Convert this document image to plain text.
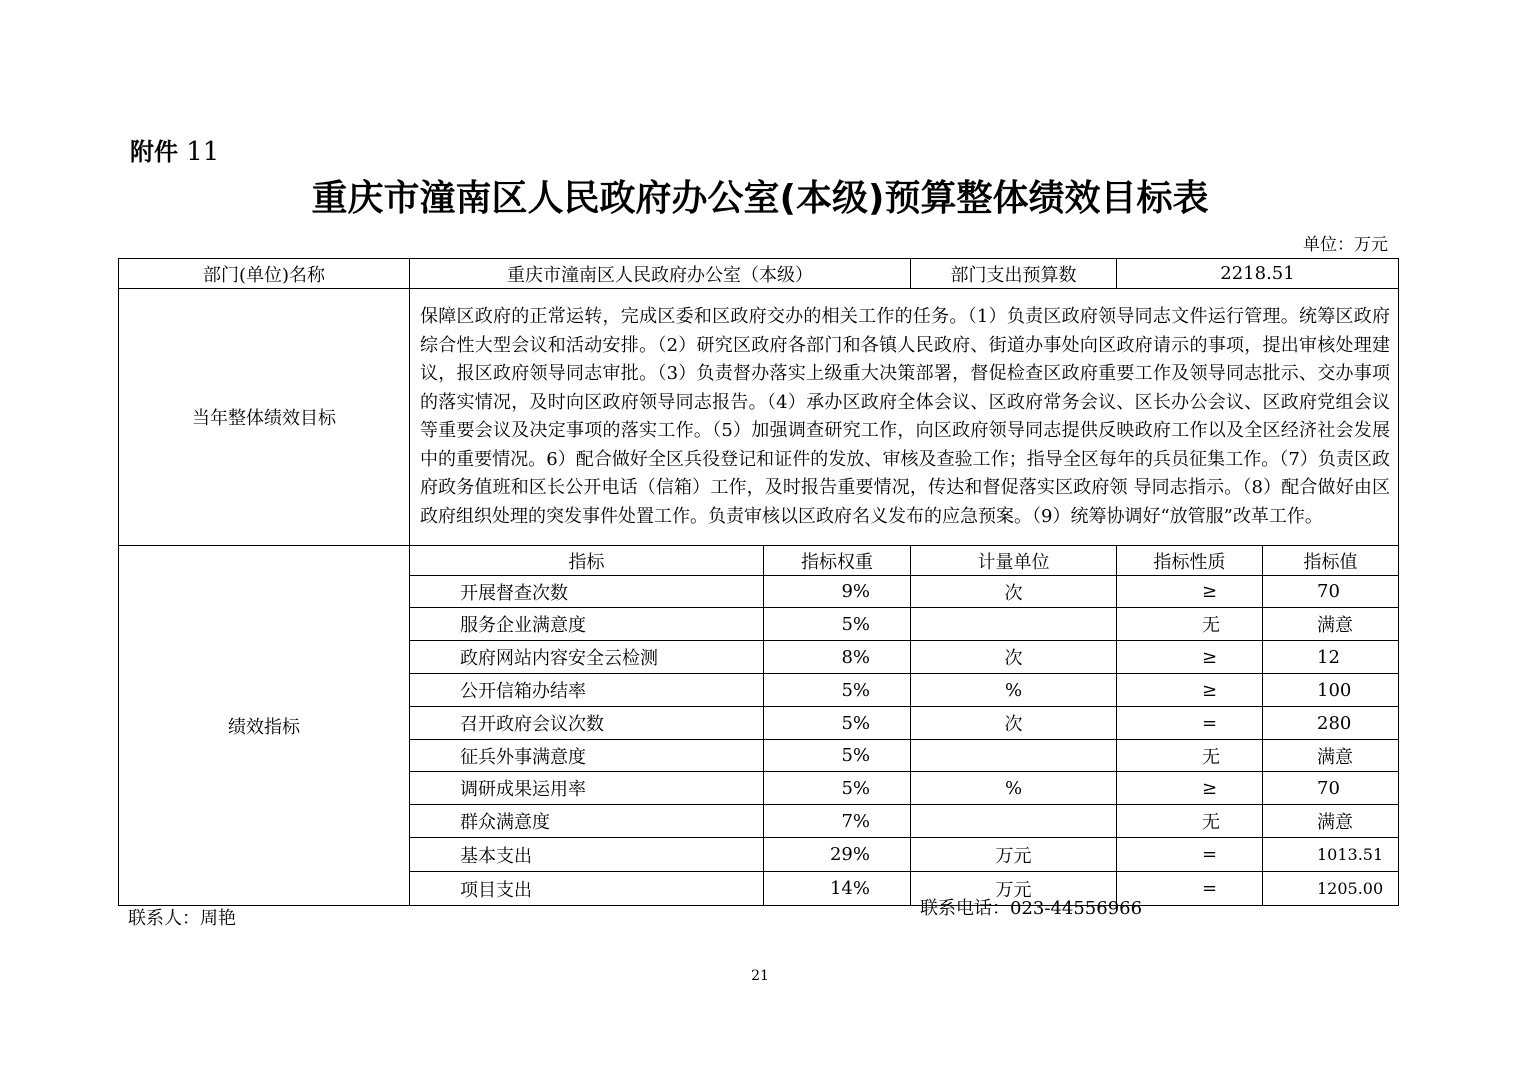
附件 11
重庆市潼南区人民政府办公室(本级)预算整体绩效目标表
单位：万元
部门(单位)名称	重庆市潼南区人民政府办公室（本级）		部门支出预算数	2218.51	
当年整体绩效目标	保障区政府的正常运转，完成区委和区政府交办的相关工作的任务。（1）负责区政府领导同志文件运行管理。统筹区政府综合性大型会议和活动安排。（2）研究区政府各部门和各镇人民政府、街道办事处向区政府请示的事项，提出审核处理建议，报区政府领导同志审批。（3）负责督办落实上级重大决策部署，督促检查区政府重要工作及领导同志批示、交办事项的落实情况，及时向区政府领导同志报告。（4）承办区政府全体会议、区政府常务会议、区长办公会议、区政府党组会议等重要会议及决定事项的落实工作。（5）加强调查研究工作，向区政府领导同志提供反映政府工作以及全区经济社会发展中的重要情况。6）配合做好全区兵役登记和证件的发放、审核及查验工作；指导全区每年的兵员征集工作。（7）负责区政府政务值班和区长公开电话（信箱）工作，及时报告重要情况，传达和督促落实区政府领 导同志指示。（8）配合做好由区政府组织处理的突发事件处置工作。负责审核以区政府名义发布的应急预案。（9）统筹协调好“放管服”改革工作。				
绩效指标	指标	指标权重	计量单位	指标性质	指标值
	开展督查次数	9%	次	≥	70
	服务企业满意度	5%		无	满意
	政府网站内容安全云检测	8%	次	≥	12
	公开信箱办结率	5%	%	≥	100
	召开政府会议次数	5%	次	=	280
	征兵外事满意度	5%		无	满意
	调研成果运用率	5%	%	≥	70
	群众满意度	7%		无	满意
	基本支出	29%	万元	=	1013.51
	项目支出	14%	万元	=	1205.00
联系人：周艳	联系电话：023-44556966
21
